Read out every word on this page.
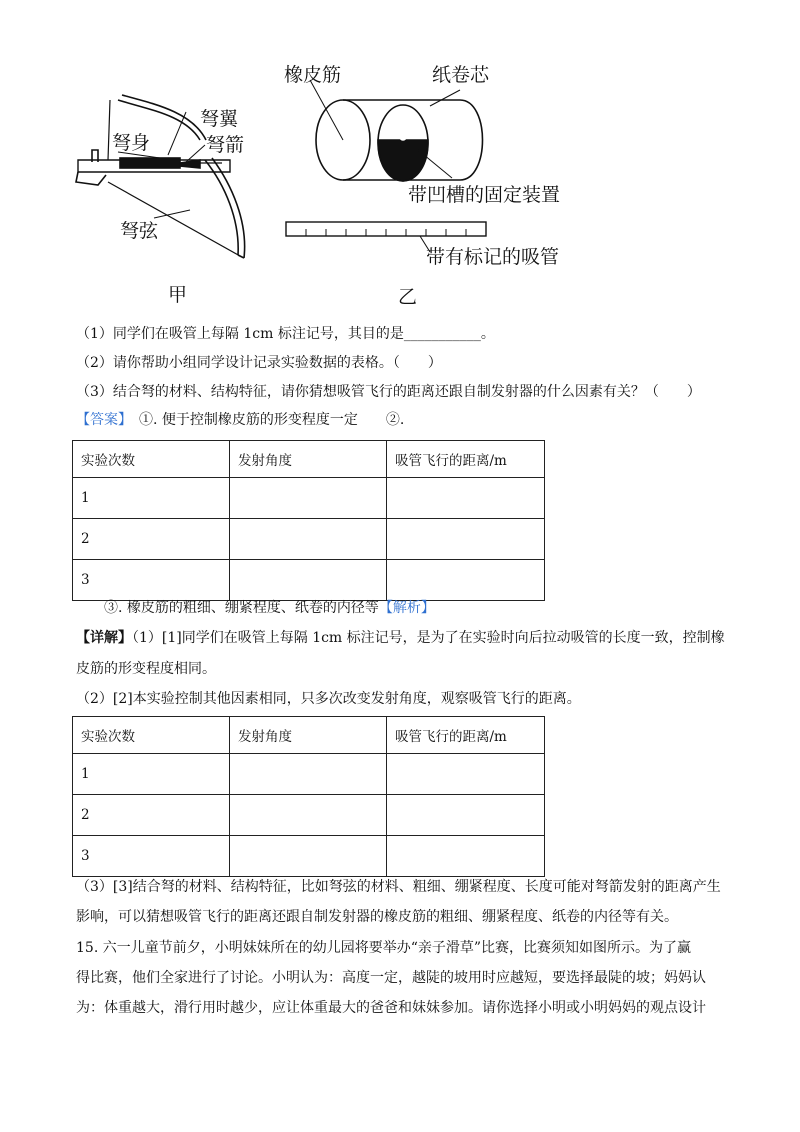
弩翼
弩身	弩箭
弩弦
橡皮筋	纸卷芯
带凹槽的固定装置
带有标记的吸管
甲	乙
（1）同学们在吸管上每隔 1cm 标注记号，其目的是___________。
（2）请你帮助小组同学设计记录实验数据的表格。（　　）
（3）结合弩的材料、结构特征，请你猜想吸管飞行的距离还跟自制发射器的什么因素有关？（　　）
【答案】　①. 便于控制橡皮筋的形变程度一定　　②.
实验次数	发射角度	吸管飞行的距离/m
1		
2		
3		
③. 橡皮筋的粗细、绷紧程度、纸卷的内径等【解析】
【详解】（1）[1]同学们在吸管上每隔 1cm 标注记号，是为了在实验时向后拉动吸管的长度一致，控制橡
皮筋的形变程度相同。
（2）[2]本实验控制其他因素相同，只多次改变发射角度，观察吸管飞行的距离。
实验次数	发射角度	吸管飞行的距离/m
1		
2		
3		
（3）[3]结合弩的材料、结构特征，比如弩弦的材料、粗细、绷紧程度、长度可能对弩箭发射的距离产生
影响，可以猜想吸管飞行的距离还跟自制发射器的橡皮筋的粗细、绷紧程度、纸卷的内径等有关。
15. 六一儿童节前夕，小明妹妹所在的幼儿园将要举办“亲子滑草”比赛，比赛须知如图所示。为了赢
得比赛，他们全家进行了讨论。小明认为：高度一定，越陡的坡用时应越短，要选择最陡的坡；妈妈认
为：体重越大，滑行用时越少，应让体重最大的爸爸和妹妹参加。请你选择小明或小明妈妈的观点设计
